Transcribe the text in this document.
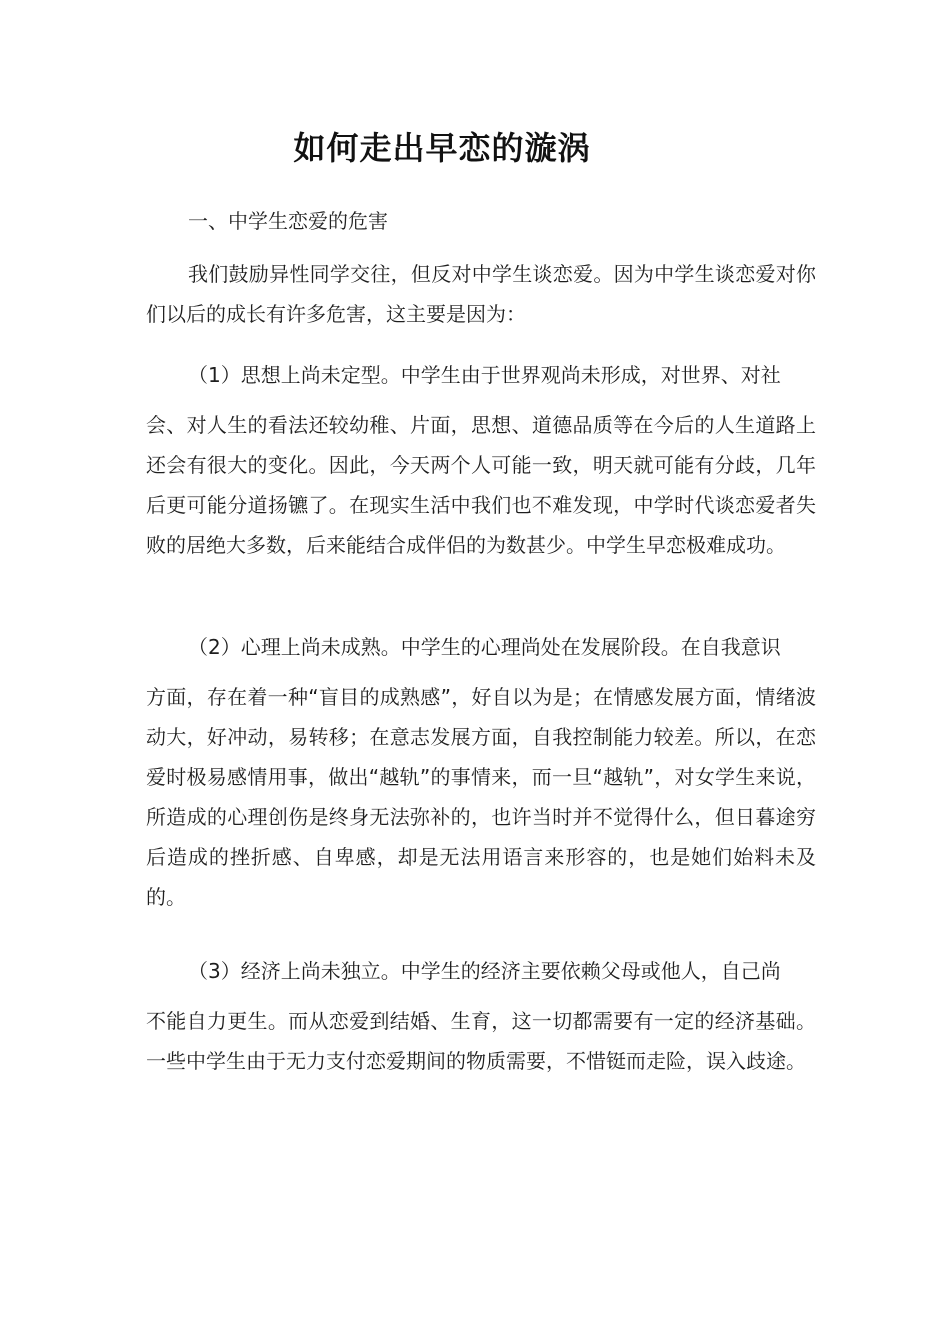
如何走出早恋的漩涡
一、中学生恋爱的危害

我们鼓励异性同学交往，但反对中学生谈恋爱。因为中学生谈恋爱对你们以后的成长有许多危害，这主要是因为：

（1）思想上尚未定型。中学生由于世界观尚未形成，对世界、对社
会、对人生的看法还较幼稚、片面，思想、道德品质等在今后的人生道路上还会有很大的变化。因此，今天两个人可能一致，明天就可能有分歧，几年后更可能分道扬镳了。在现实生活中我们也不难发现，中学时代谈恋爱者失败的居绝大多数，后来能结合成伴侣的为数甚少。中学生早恋极难成功。
（2）心理上尚未成熟。中学生的心理尚处在发展阶段。在自我意识
方面，存在着一种“盲目的成熟感”，好自以为是；在情感发展方面，情绪波动大，好冲动，易转移；在意志发展方面，自我控制能力较差。所以，在恋爱时极易感情用事，做出“越轨”的事情来，而一旦“越轨”，对女学生来说，所造成的心理创伤是终身无法弥补的，也许当时并不觉得什么，但日暮途穷后造成的挫折感、自卑感，却是无法用语言来形容的，也是她们始料未及的。
（3）经济上尚未独立。中学生的经济主要依赖父母或他人，自己尚
不能自力更生。而从恋爱到结婚、生育，这一切都需要有一定的经济基础。一些中学生由于无力支付恋爱期间的物质需要，不惜铤而走险，误入歧途。
